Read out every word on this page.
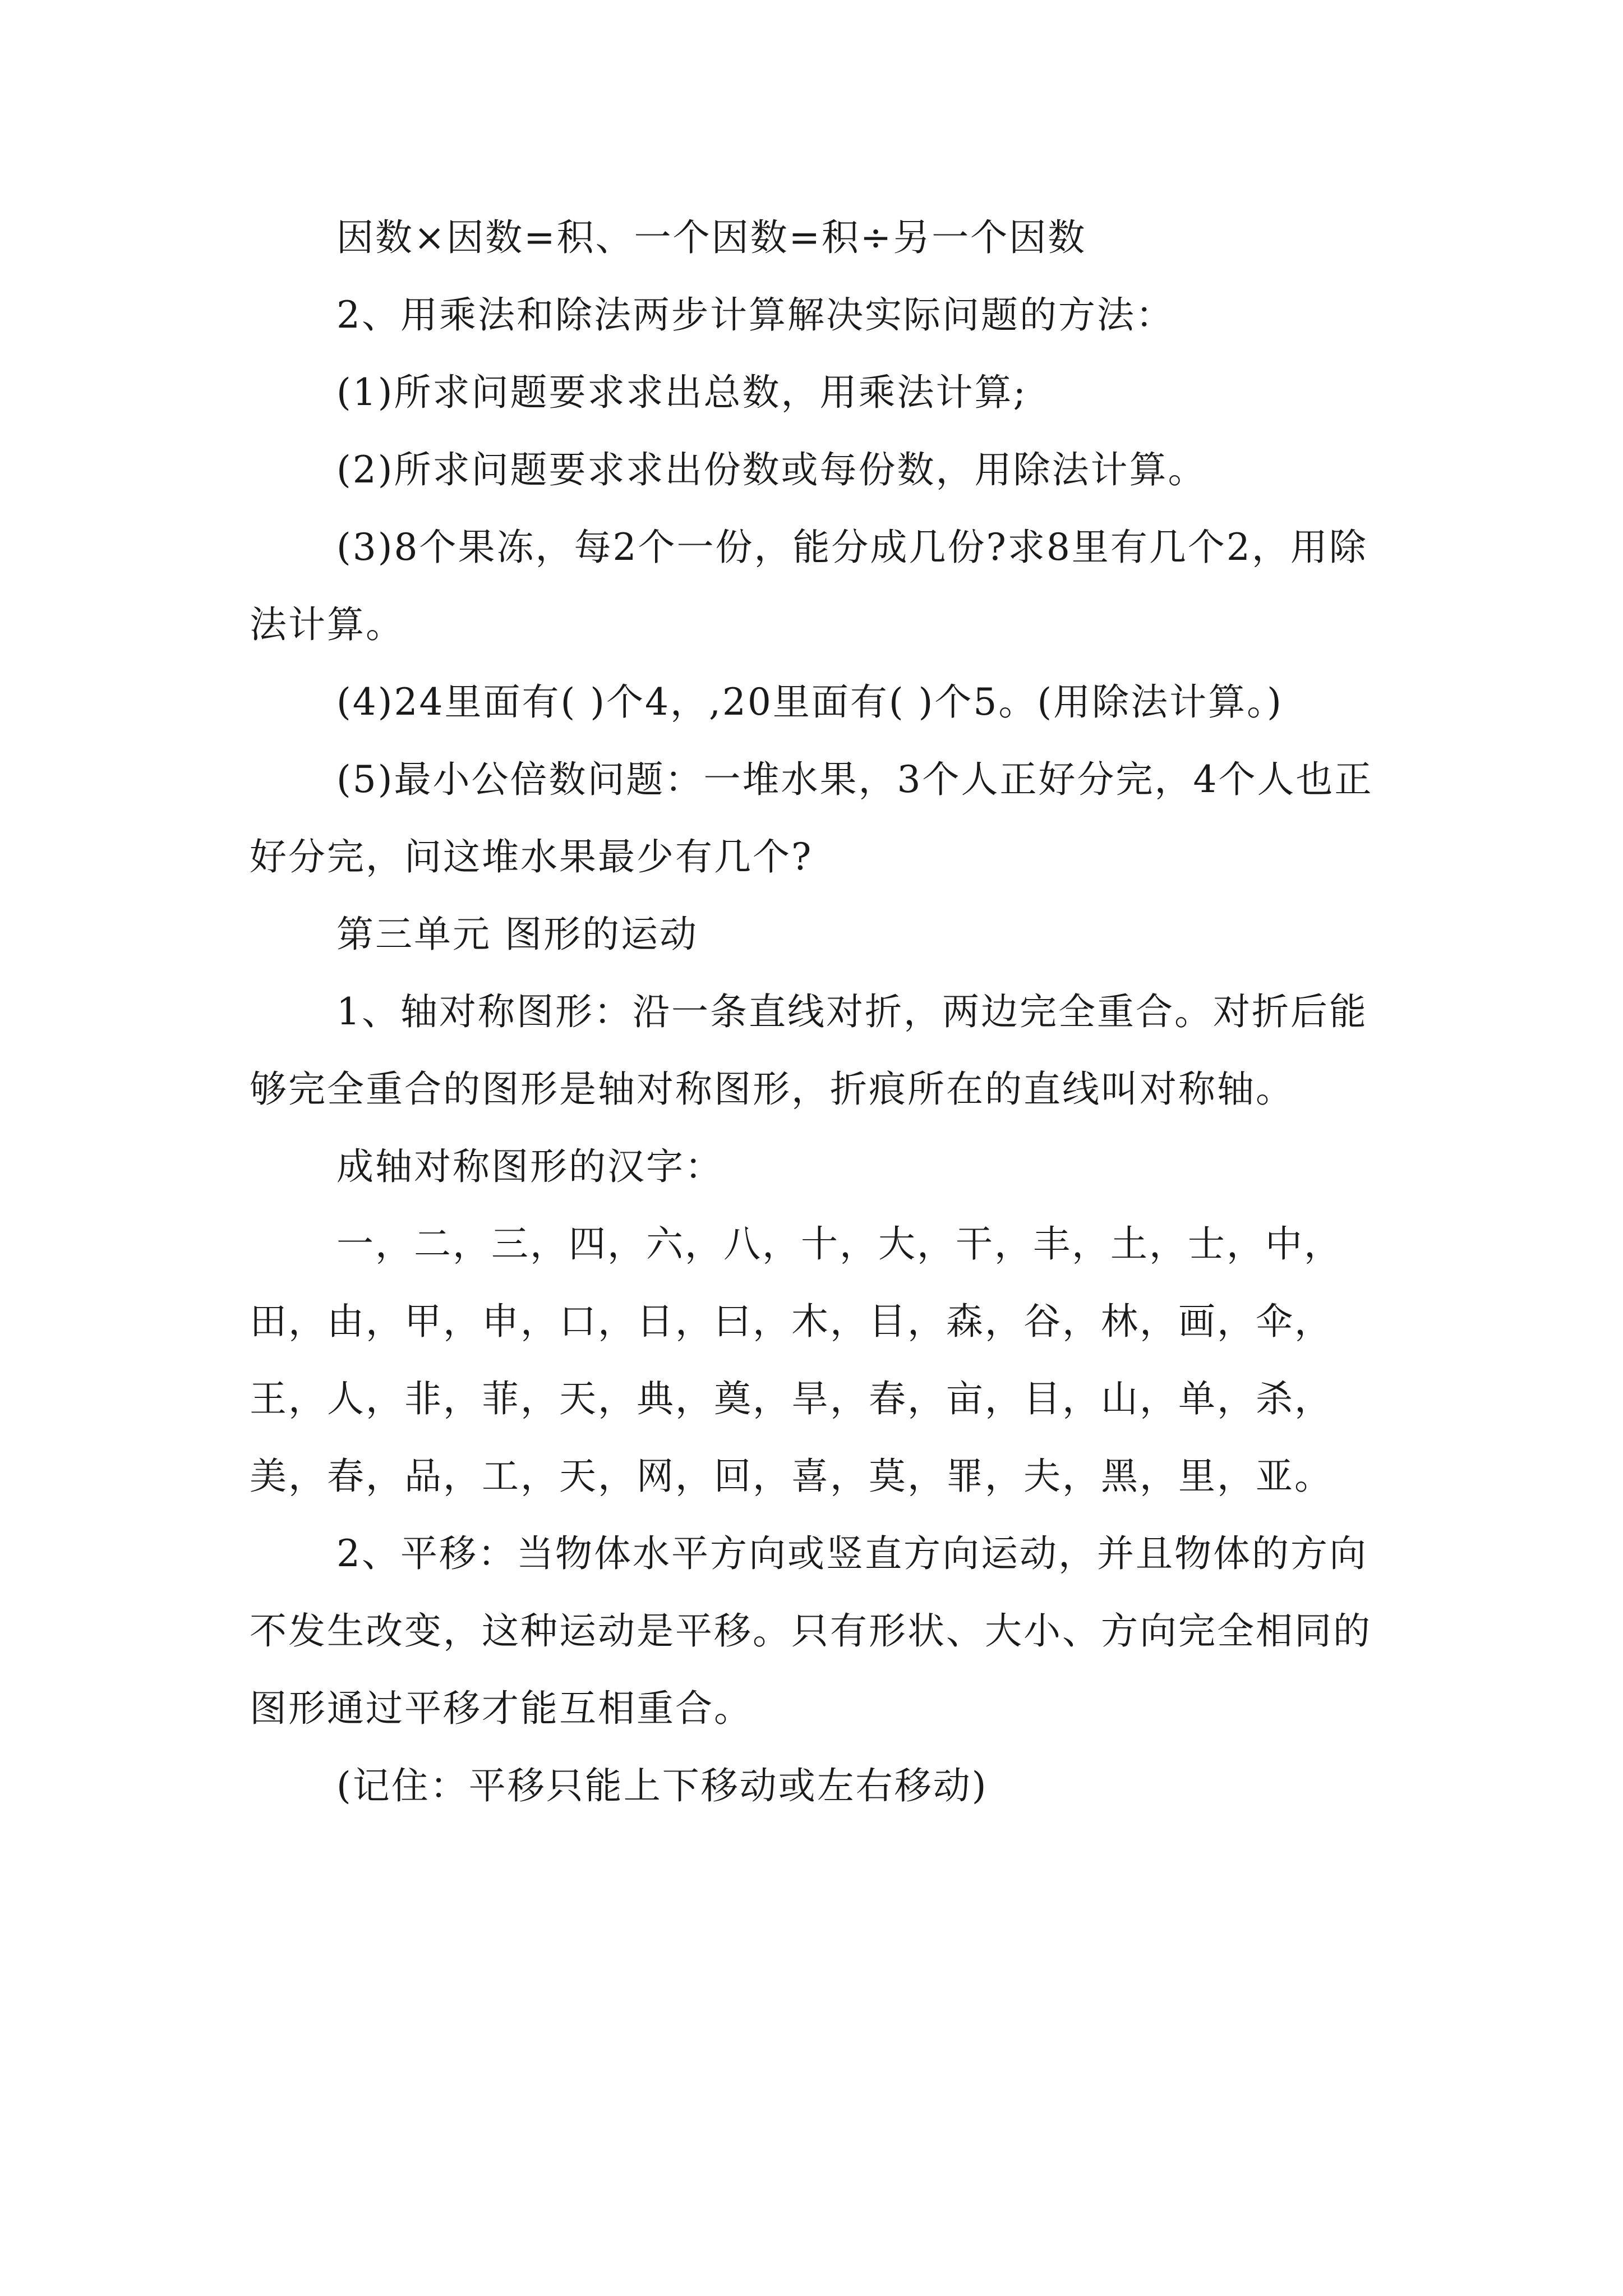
因数×因数=积、一个因数=积÷另一个因数

2、用乘法和除法两步计算解决实际问题的方法：

(1)所求问题要求求出总数，用乘法计算;

(2)所求问题要求求出份数或每份数，用除法计算。

(3)8个果冻，每2个一份，能分成几份?求8里有几个2，用除法计算。

(4)24里面有( )个4，,20里面有( )个5。(用除法计算。)

(5)最小公倍数问题：一堆水果，3个人正好分完，4个人也正好分完，问这堆水果最少有几个?

第三单元 图形的运动

1、轴对称图形：沿一条直线对折，两边完全重合。对折后能够完全重合的图形是轴对称图形，折痕所在的直线叫对称轴。

成轴对称图形的汉字：

一，二，三，四，六，八，十，大，干，丰，土，士，中，田，由，甲，申，口，日，曰，木，目，森，谷，林，画，伞，王，人，非，菲，天，典，奠，旱，春，亩，目，山，单，杀，美，春，品，工，天，网，回，喜，莫，罪，夫，黑，里，亚。

2、平移：当物体水平方向或竖直方向运动，并且物体的方向不发生改变，这种运动是平移。只有形状、大小、方向完全相同的图形通过平移才能互相重合。

(记住：平移只能上下移动或左右移动)
